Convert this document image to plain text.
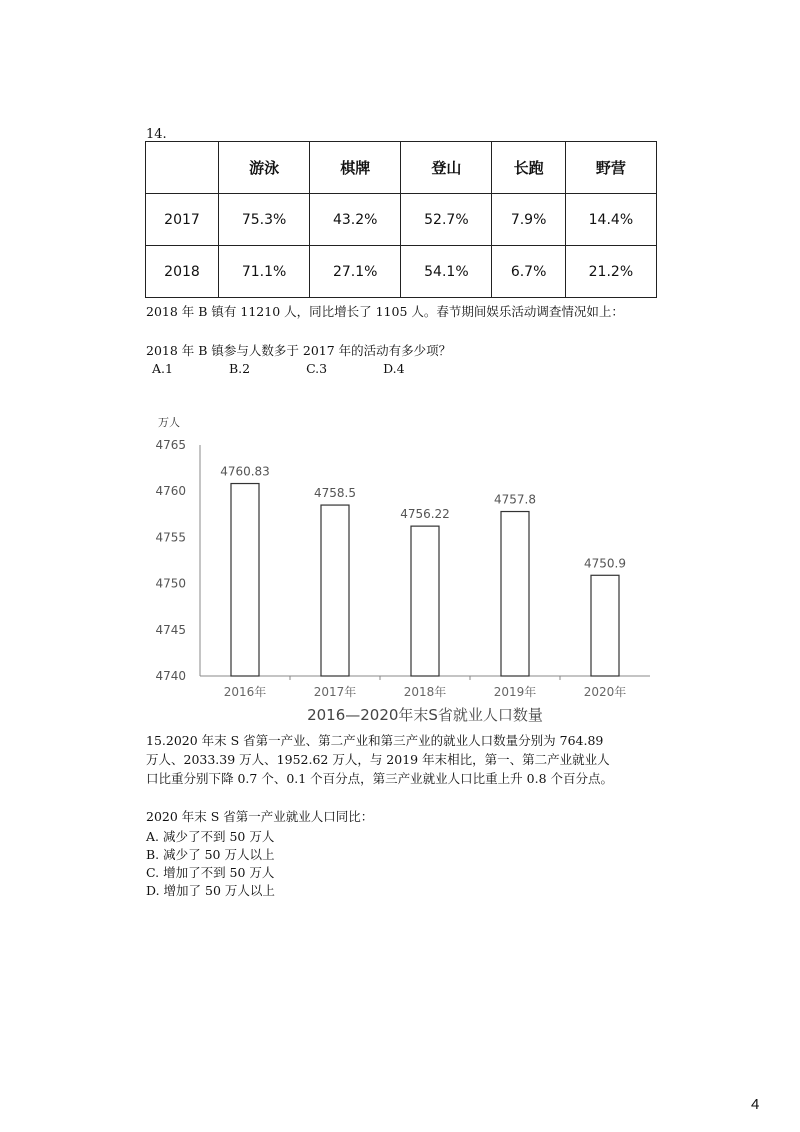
14.
	游泳	棋牌	登山	长跑	野营
2017	75.3%	43.2%	52.7%	7.9%	14.4%
2018	71.1%	27.1%	54.1%	6.7%	21.2%
2018 年 B 镇有 11210 人，同比增长了 1105 人。春节期间娱乐活动调查情况如上：
2018 年 B 镇参与人数多于 2017 年的活动有多少项？
A.1	B.2	C.3	D.4
万人
4740
4745
4750
4755
4760
4765
4760.83
2016年
4758.5
2017年
4756.22
2018年
4757.8
2019年
4750.9
2020年
2016—2020年末S省就业人口数量
15.2020 年末 S 省第一产业、第二产业和第三产业的就业人口数量分别为 764.89
万人、2033.39 万人、1952.62 万人，与 2019 年末相比，第一、第二产业就业人
口比重分别下降 0.7 个、0.1 个百分点，第三产业就业人口比重上升 0.8 个百分点。
2020 年末 S 省第一产业就业人口同比：
A. 减少了不到 50 万人
B. 减少了 50 万人以上
C. 增加了不到 50 万人
D. 增加了 50 万人以上
4
